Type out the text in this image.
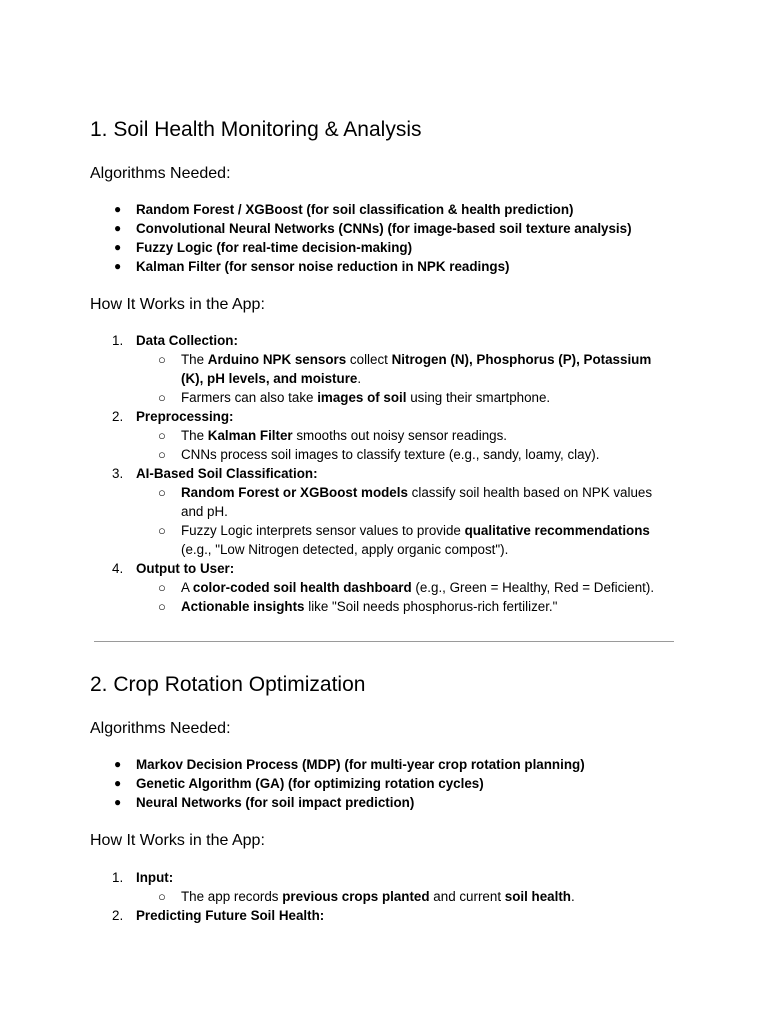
1. Soil Health Monitoring & Analysis
Algorithms Needed:
● Random Forest / XGBoost (for soil classification & health prediction)
● Convolutional Neural Networks (CNNs) (for image-based soil texture analysis)
● Fuzzy Logic (for real-time decision-making)
● Kalman Filter (for sensor noise reduction in NPK readings)
How It Works in the App:
1. Data Collection:
○ The Arduino NPK sensors collect Nitrogen (N), Phosphorus (P), Potassium (K), pH levels, and moisture.
○ Farmers can also take images of soil using their smartphone.
2. Preprocessing:
○ The Kalman Filter smooths out noisy sensor readings.
○ CNNs process soil images to classify texture (e.g., sandy, loamy, clay).
3. AI-Based Soil Classification:
○ Random Forest or XGBoost models classify soil health based on NPK values and pH.
○ Fuzzy Logic interprets sensor values to provide qualitative recommendations (e.g., "Low Nitrogen detected, apply organic compost").
4. Output to User:
○ A color-coded soil health dashboard (e.g., Green = Healthy, Red = Deficient).
○ Actionable insights like "Soil needs phosphorus-rich fertilizer."
2. Crop Rotation Optimization
Algorithms Needed:
● Markov Decision Process (MDP) (for multi-year crop rotation planning)
● Genetic Algorithm (GA) (for optimizing rotation cycles)
● Neural Networks (for soil impact prediction)
How It Works in the App:
1. Input:
○ The app records previous crops planted and current soil health.
2. Predicting Future Soil Health:
